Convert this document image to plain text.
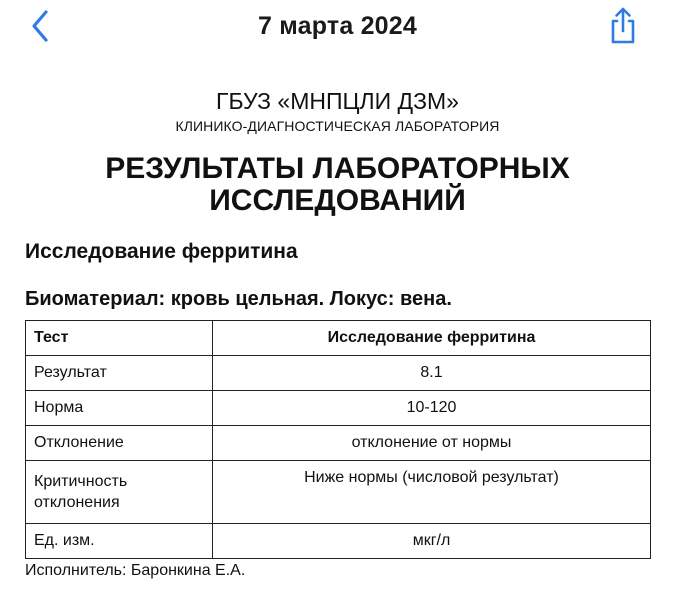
7 марта 2024
ГБУЗ «МНПЦЛИ ДЗМ»
КЛИНИКО-ДИАГНОСТИЧЕСКАЯ ЛАБОРАТОРИЯ
РЕЗУЛЬТАТЫ ЛАБОРАТОРНЫХ ИССЛЕДОВАНИЙ
Исследование ферритина
Биоматериал: кровь цельная. Локус: вена.
Тест	Исследование ферритина
Результат	8.1
Норма	10-120
Отклонение	отклонение от нормы
Критичность отклонения	Ниже нормы (числовой результат)
Ед. изм.	мкг/л
Исполнитель: Баронкина Е.А.
